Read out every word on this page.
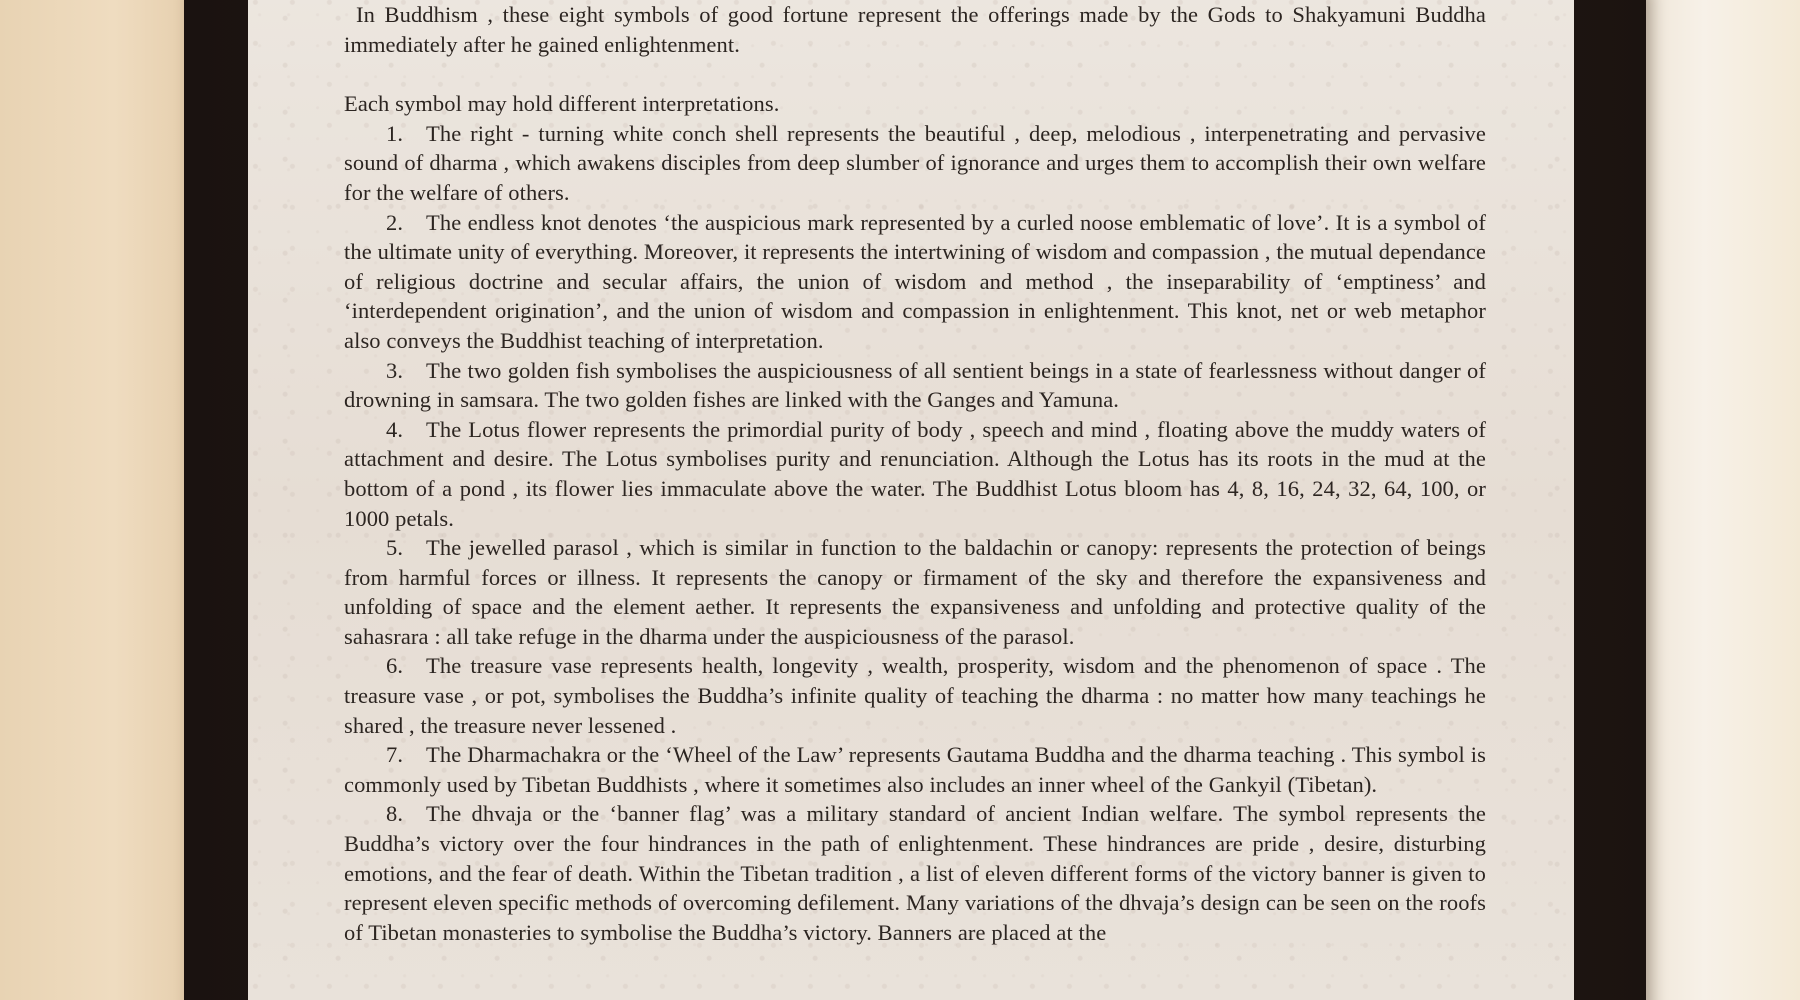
In Buddhism , these eight symbols of good fortune represent the offerings made by the Gods to Shakyamuni Buddha immediately after he gained enlightenment.

Each symbol may hold different interpretations.

1. The right - turning white conch shell represents the beautiful , deep, melodious , interpenetrating and pervasive sound of dharma , which awakens disciples from deep slumber of ignorance and urges them to accomplish their own welfare for the welfare of others.

2. The endless knot denotes ‘the auspicious mark represented by a curled noose emblematic of love’. It is a symbol of the ultimate unity of everything. Moreover, it represents the intertwining of wisdom and compassion , the mutual dependance of religious doctrine and secular affairs, the union of wisdom and method , the inseparability of ‘emptiness’ and ‘interdependent origination’, and the union of wisdom and compassion in enlightenment. This knot, net or web metaphor also conveys the Buddhist teaching of interpretation.

3. The two golden fish symbolises the auspiciousness of all sentient beings in a state of fearlessness without danger of drowning in samsara. The two golden fishes are linked with the Ganges and Yamuna.

4. The Lotus flower represents the primordial purity of body , speech and mind , floating above the muddy waters of attachment and desire. The Lotus symbolises purity and renunciation. Although the Lotus has its roots in the mud at the bottom of a pond , its flower lies immaculate above the water. The Buddhist Lotus bloom has 4, 8, 16, 24, 32, 64, 100, or 1000 petals.

5. The jewelled parasol , which is similar in function to the baldachin or canopy: represents the protection of beings from harmful forces or illness. It represents the canopy or firmament of the sky and therefore the expansiveness and unfolding of space and the element aether. It represents the expansiveness and unfolding and protective quality of the sahasrara : all take refuge in the dharma under the auspiciousness of the parasol.

6. The treasure vase represents health, longevity , wealth, prosperity, wisdom and the phenomenon of space . The treasure vase , or pot, symbolises the Buddha’s infinite quality of teaching the dharma : no matter how many teachings he shared , the treasure never lessened .

7. The Dharmachakra or the ‘Wheel of the Law’ represents Gautama Buddha and the dharma teaching . This symbol is commonly used by Tibetan Buddhists , where it sometimes also includes an inner wheel of the Gankyil (Tibetan).

8. The dhvaja or the ‘banner flag’ was a military standard of ancient Indian welfare. The symbol represents the Buddha’s victory over the four hindrances in the path of enlightenment. These hindrances are pride , desire, disturbing emotions, and the fear of death. Within the Tibetan tradition , a list of eleven different forms of the victory banner is given to represent eleven specific methods of overcoming defilement. Many variations of the dhvaja’s design can be seen on the roofs of Tibetan monasteries to symbolise the Buddha’s victory. Banners are placed at the
